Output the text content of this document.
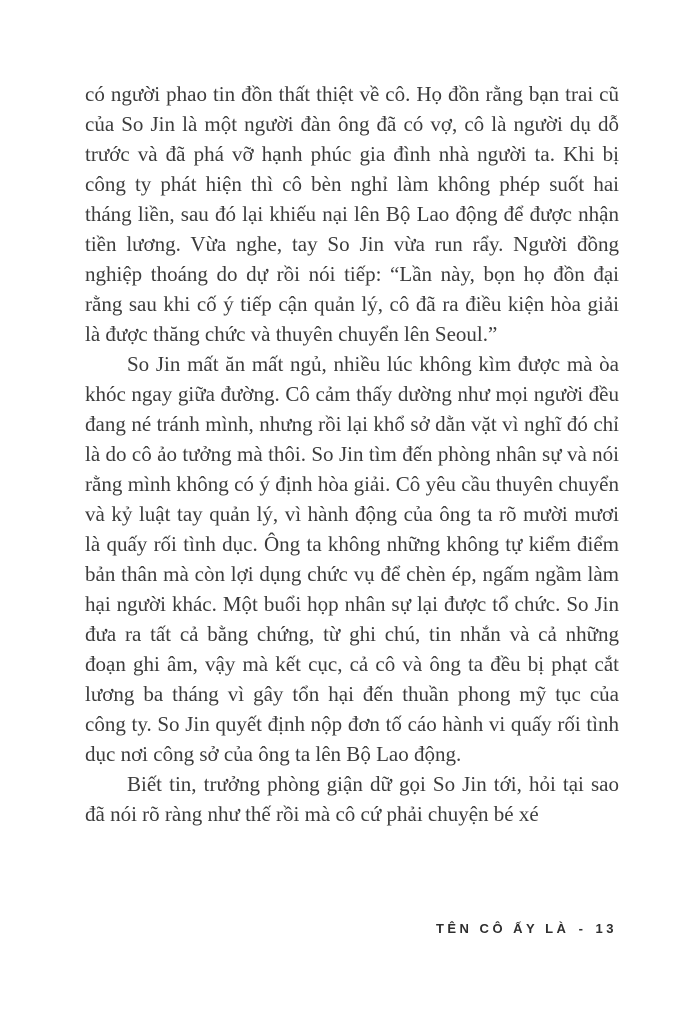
có người phao tin đồn thất thiệt về cô. Họ đồn rằng bạn trai cũ của So Jin là một người đàn ông đã có vợ, cô là người dụ dỗ trước và đã phá vỡ hạnh phúc gia đình nhà người ta. Khi bị công ty phát hiện thì cô bèn nghỉ làm không phép suốt hai tháng liền, sau đó lại khiếu nại lên Bộ Lao động để được nhận tiền lương. Vừa nghe, tay So Jin vừa run rẩy. Người đồng nghiệp thoáng do dự rồi nói tiếp: “Lần này, bọn họ đồn đại rằng sau khi cố ý tiếp cận quản lý, cô đã ra điều kiện hòa giải là được thăng chức và thuyên chuyển lên Seoul.”

So Jin mất ăn mất ngủ, nhiều lúc không kìm được mà òa khóc ngay giữa đường. Cô cảm thấy dường như mọi người đều đang né tránh mình, nhưng rồi lại khổ sở dằn vặt vì nghĩ đó chỉ là do cô ảo tưởng mà thôi. So Jin tìm đến phòng nhân sự và nói rằng mình không có ý định hòa giải. Cô yêu cầu thuyên chuyển và kỷ luật tay quản lý, vì hành động của ông ta rõ mười mươi là quấy rối tình dục. Ông ta không những không tự kiểm điểm bản thân mà còn lợi dụng chức vụ để chèn ép, ngấm ngầm làm hại người khác. Một buổi họp nhân sự lại được tổ chức. So Jin đưa ra tất cả bằng chứng, từ ghi chú, tin nhắn và cả những đoạn ghi âm, vậy mà kết cục, cả cô và ông ta đều bị phạt cắt lương ba tháng vì gây tổn hại đến thuần phong mỹ tục của công ty. So Jin quyết định nộp đơn tố cáo hành vi quấy rối tình dục nơi công sở của ông ta lên Bộ Lao động.

Biết tin, trưởng phòng giận dữ gọi So Jin tới, hỏi tại sao đã nói rõ ràng như thế rồi mà cô cứ phải chuyện bé xé

TÊN CÔ ẤY LÀ - 13
